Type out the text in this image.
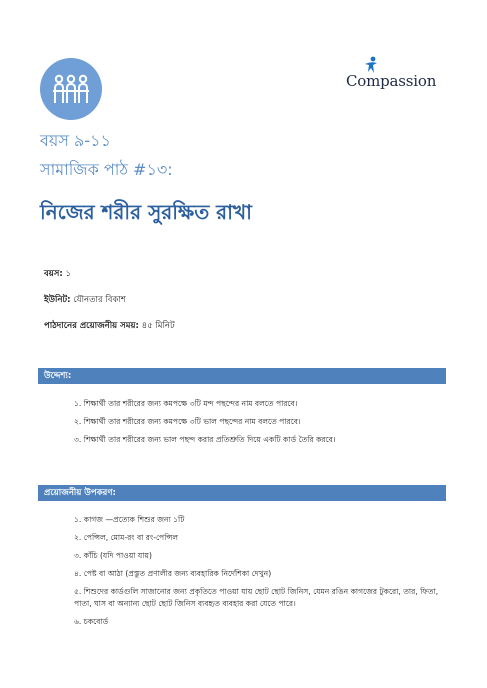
Compassion
বয়স ৯-১১
সামাজিক পাঠ #১৩:
নিজের শরীর সুরক্ষিত রাখা
বয়স: ১
ইউনিট: যৌনতার বিকাশ
পাঠদানের প্রয়োজনীয় সময়: ৪৫ মিনিট
উদ্দেশ্য:
১. শিক্ষার্থী তার শরীরের জন্য কমপক্ষে ৩টি মন্দ পছন্দের নাম বলতে পারবে।
২. শিক্ষার্থী তার শরীরের জন্য কমপক্ষে ৩টি ভাল পছন্দের নাম বলতে পারবে।
৩. শিক্ষার্থী তার শরীরের জন্য ভাল পছন্দ করার প্রতিশ্রুতি দিয়ে একটি কার্ড তৈরি করবে।
প্রয়োজনীয় উপকরণ:
১. কাগজ —প্রত্যেক শিশুর জন্য ১টি
২. পেন্সিল, মোম-রং বা রং-পেন্সিল
৩. কাঁচি (যদি পাওয়া যায়)
৪. পেষ্ট বা আঠা (প্রস্তুত প্রণালীর জন্য ব্যবহারিক নির্দেশিকা দেখুন)
৫. শিশুদের কার্ডগুলি সাজানোর জন্য প্রকৃতিতে পাওয়া যায় ছোট ছোট জিনিস, যেমন রঙিন কাগজের টুকরো, তার, ফিতা, পাতা, ঘাস বা অন্যান্য ছোট ছোট জিনিস ব্যবহৃত ব্যবহার করা যেতে পারে।
৬. চকবোর্ড
